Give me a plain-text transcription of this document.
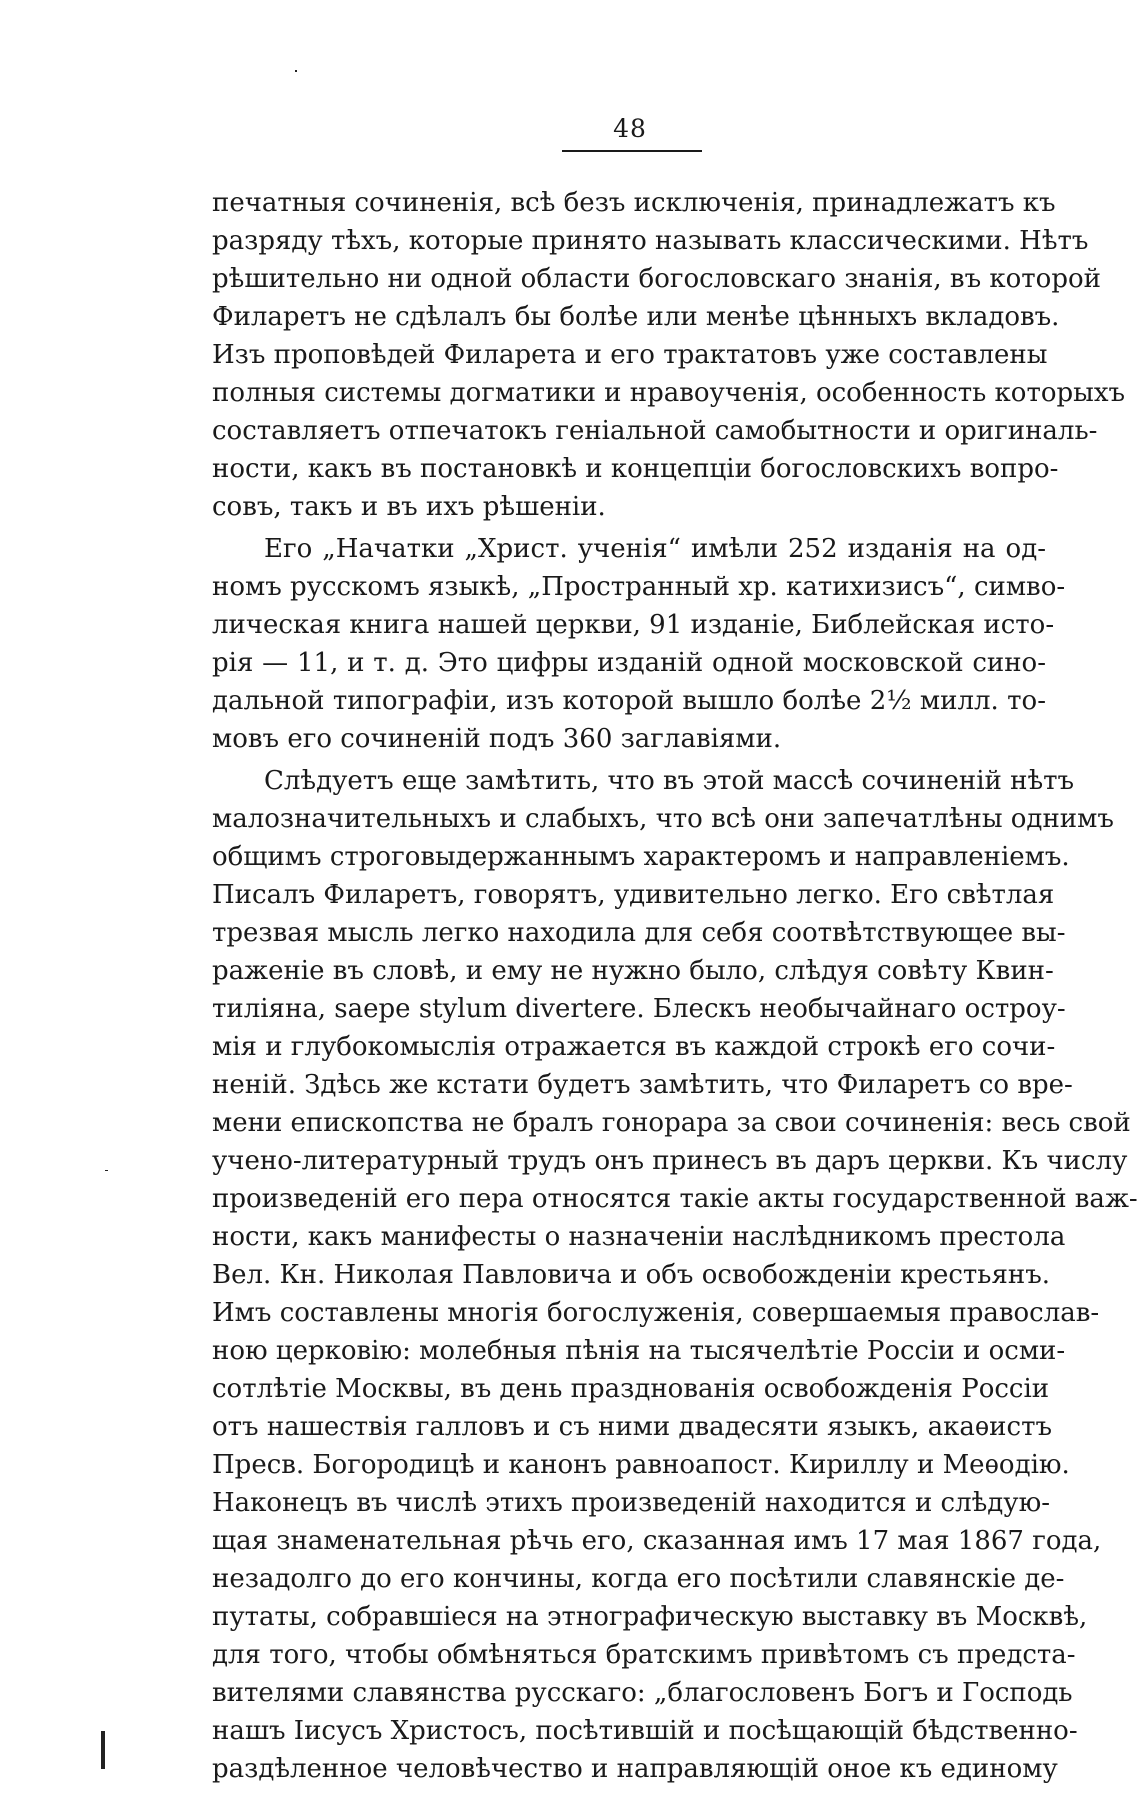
48
печатныя сочиненія, всѣ безъ исключенія, принадлежатъ къ
разряду тѣхъ, которые принято называть классическими. Нѣтъ
рѣшительно ни одной области богословскаго знанія, въ которой
Филаретъ не сдѣлалъ бы болѣе или менѣе цѣнныхъ вкладовъ.
Изъ проповѣдей Филарета и его трактатовъ уже составлены
полныя системы догматики и нравоученія, особенность которыхъ
составляетъ отпечатокъ геніальной самобытности и оригиналь-
ности, какъ въ постановкѣ и концепціи богословскихъ вопро-
совъ, такъ и въ ихъ рѣшеніи.
Его „Начатки „Христ. ученія“ имѣли 252 изданія на од-
номъ русскомъ языкѣ, „Пространный хр. катихизисъ“, симво-
лическая книга нашей церкви, 91 изданіе, Библейская исто-
рія — 11, и т. д. Это цифры изданій одной московской сино-
дальной типографіи, изъ которой вышло болѣе 2½ милл. то-
мовъ его сочиненій подъ 360 заглавіями.
Слѣдуетъ еще замѣтить, что въ этой массѣ сочиненій нѣтъ
малозначительныхъ и слабыхъ, что всѣ они запечатлѣны однимъ
общимъ строговыдержаннымъ характеромъ и направленіемъ.
Писалъ Филаретъ, говорятъ, удивительно легко. Его свѣтлая
трезвая мысль легко находила для себя соотвѣтствующее вы-
раженіе въ словѣ, и ему не нужно было, слѣдуя совѣту Квин-
тиліяна, saepe stylum divertere. Блескъ необычайнаго остроу-
мія и глубокомыслія отражается въ каждой строкѣ его сочи-
неній. Здѣсь же кстати будетъ замѣтить, что Филаретъ со вре-
мени епископства не бралъ гонорара за свои сочиненія: весь свой
учено-литературный трудъ онъ принесъ въ даръ церкви. Къ числу
произведеній его пера относятся такіе акты государственной важ-
ности, какъ манифесты о назначеніи наслѣдникомъ престола
Вел. Кн. Николая Павловича и объ освобожденіи крестьянъ.
Имъ составлены многія богослуженія, совершаемыя православ-
ною церковію: молебныя пѣнія на тысячелѣтіе Россіи и осми-
сотлѣтіе Москвы, въ день празднованія освобожденія Россіи
отъ нашествія галловъ и съ ними двадесяти языкъ, акаѳистъ
Пресв. Богородицѣ и канонъ равноапост. Кириллу и Меѳодію.
Наконецъ въ числѣ этихъ произведеній находится и слѣдую-
щая знаменательная рѣчь его, сказанная имъ 17 мая 1867 года,
незадолго до его кончины, когда его посѣтили славянскіе де-
путаты, собравшіеся на этнографическую выставку въ Москвѣ,
для того, чтобы обмѣняться братскимъ привѣтомъ съ предста-
вителями славянства русскаго: „благословенъ Богъ и Господь
нашъ Іисусъ Христосъ, посѣтившій и посѣщающій бѣдственно-
раздѣленное человѣчество и направляющій оное къ единому
